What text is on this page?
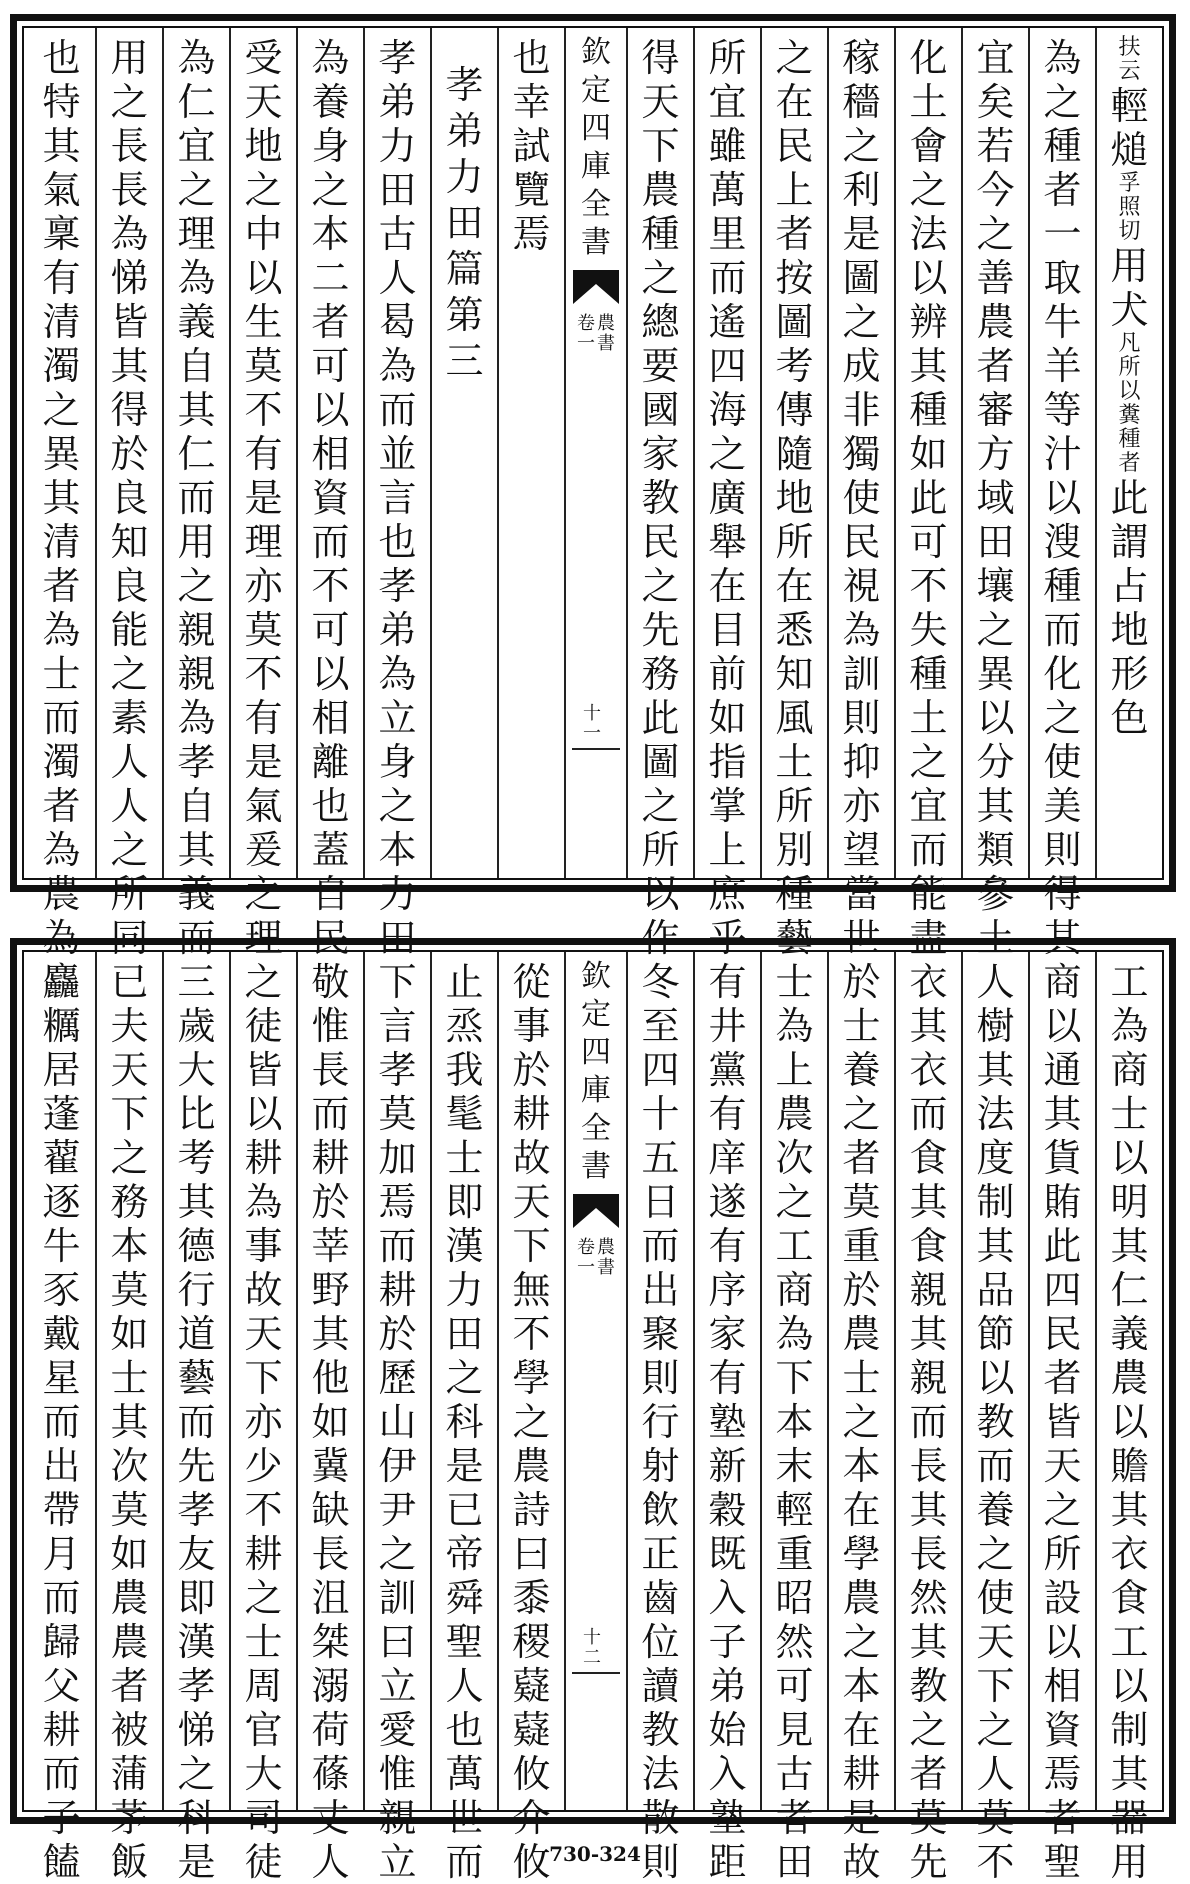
扶
云
輕
㷟
孚
照
切
用
犬
凡
所
以
糞
種
者
此
謂
占
地
形
色
為
之
種
者
一
取
牛
羊
等
汁
以
溲
種
而
化
之
使
美
則
得
其
宜
矣
若
今
之
善
農
者
審
方
域
田
壤
之
異
以
分
其
類
參
土
化
土
會
之
法
以
辨
其
種
如
此
可
不
失
種
土
之
宜
而
能
盡
稼
穡
之
利
是
圖
之
成
非
獨
使
民
視
為
訓
則
抑
亦
望
當
世
之
在
民
上
者
按
圖
考
傳
隨
地
所
在
悉
知
風
土
所
別
種
藝
所
宜
雖
萬
里
而
遙
四
海
之
廣
舉
在
目
前
如
指
掌
上
庶
乎
得
天
下
農
種
之
總
要
國
家
教
民
之
先
務
此
圖
之
所
以
作
欽
定
四
庫
全
書
農
書
卷
一
十
一
也
幸
試
覽
焉
孝
弟
力
田
篇
第
三
孝
弟
力
田
古
人
曷
為
而
並
言
也
孝
弟
為
立
身
之
本
力
田
為
養
身
之
本
二
者
可
以
相
資
而
不
可
以
相
離
也
蓋
自
民
受
天
地
之
中
以
生
莫
不
有
是
理
亦
莫
不
有
是
氣
爰
之
理
為
仁
宜
之
理
為
義
自
其
仁
而
用
之
親
親
為
孝
自
其
義
而
用
之
長
長
為
悌
皆
其
得
於
良
知
良
能
之
素
人
人
之
所
同
也
特
其
氣
稟
有
清
濁
之
異
其
清
者
為
士
而
濁
者
為
農
為
工
為
商
士
以
明
其
仁
義
農
以
贍
其
衣
食
工
以
制
其
器
用
商
以
通
其
貨
賄
此
四
民
者
皆
天
之
所
設
以
相
資
焉
者
聖
人
樹
其
法
度
制
其
品
節
以
教
而
養
之
使
天
下
之
人
莫
不
衣
其
衣
而
食
其
食
親
其
親
而
長
其
長
然
其
教
之
者
莫
先
於
士
養
之
者
莫
重
於
農
士
之
本
在
學
農
之
本
在
耕
是
故
士
為
上
農
次
之
工
商
為
下
本
末
輕
重
昭
然
可
見
古
者
田
有
井
黨
有
庠
遂
有
序
家
有
塾
新
穀
既
入
子
弟
始
入
塾
距
冬
至
四
十
五
日
而
出
聚
則
行
射
飲
正
齒
位
讀
教
法
散
則
欽
定
四
庫
全
書
農
書
卷
一
十
二
從
事
於
耕
故
天
下
無
不
學
之
農
詩
曰
黍
稷
薿
薿
攸
介
攸
止
烝
我
髦
士
即
漢
力
田
之
科
是
已
帝
舜
聖
人
也
萬
世
而
下
言
孝
莫
加
焉
而
耕
於
歷
山
伊
尹
之
訓
曰
立
愛
惟
親
立
敬
惟
長
而
耕
於
莘
野
其
他
如
冀
缺
長
沮
桀
溺
荷
蓧
丈
人
之
徒
皆
以
耕
為
事
故
天
下
亦
少
不
耕
之
士
周
官
大
司
徒
三
歲
大
比
考
其
德
行
道
藝
而
先
孝
友
即
漢
孝
悌
之
科
是
已
夫
天
下
之
務
本
莫
如
士
其
次
莫
如
農
農
者
被
蒲
茅
飯
麤
糲
居
蓬
藋
逐
牛
豕
戴
星
而
出
帶
月
而
歸
父
耕
而
子
饁	730-324
